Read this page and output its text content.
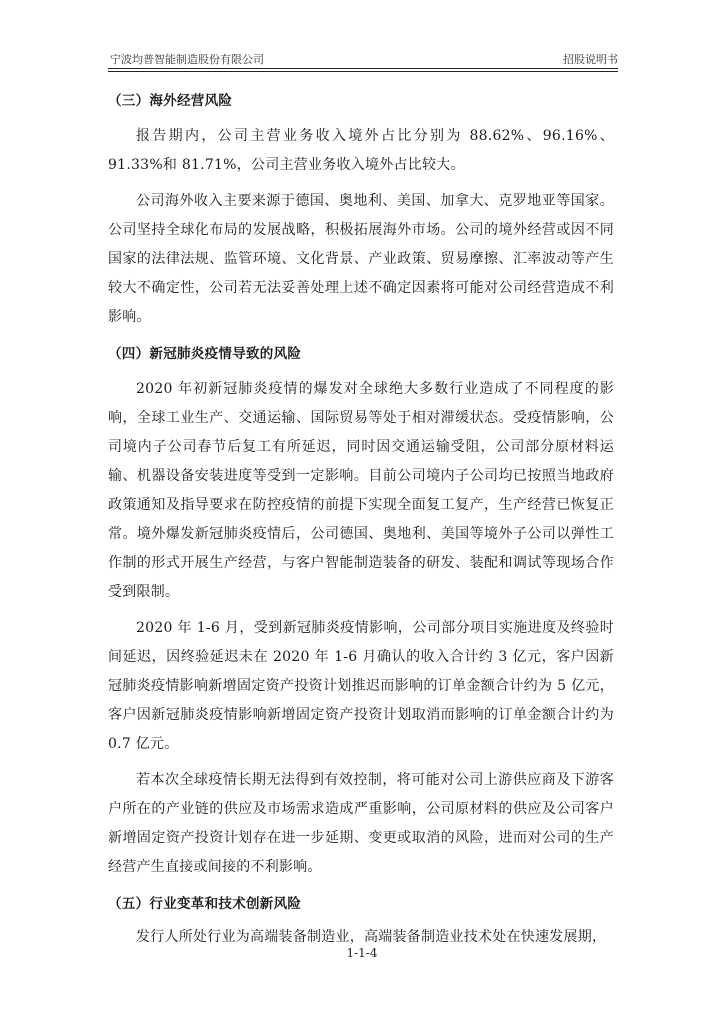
宁波均普智能制造股份有限公司	招股说明书
（三）海外经营风险

报告期内，公司主营业务收入境外占比分别为 88.62%、96.16%、91.33%和 81.71%，公司主营业务收入境外占比较大。

公司海外收入主要来源于德国、奥地利、美国、加拿大、克罗地亚等国家。公司坚持全球化布局的发展战略，积极拓展海外市场。公司的境外经营或因不同国家的法律法规、监管环境、文化背景、产业政策、贸易摩擦、汇率波动等产生较大不确定性，公司若无法妥善处理上述不确定因素将可能对公司经营造成不利影响。

（四）新冠肺炎疫情导致的风险

2020 年初新冠肺炎疫情的爆发对全球绝大多数行业造成了不同程度的影响，全球工业生产、交通运输、国际贸易等处于相对滞缓状态。受疫情影响，公司境内子公司春节后复工有所延迟，同时因交通运输受阻，公司部分原材料运输、机器设备安装进度等受到一定影响。目前公司境内子公司均已按照当地政府政策通知及指导要求在防控疫情的前提下实现全面复工复产，生产经营已恢复正常。境外爆发新冠肺炎疫情后，公司德国、奥地利、美国等境外子公司以弹性工作制的形式开展生产经营，与客户智能制造装备的研发、装配和调试等现场合作受到限制。

2020 年 1-6 月，受到新冠肺炎疫情影响，公司部分项目实施进度及终验时间延迟，因终验延迟未在 2020 年 1-6 月确认的收入合计约 3 亿元，客户因新冠肺炎疫情影响新增固定资产投资计划推迟而影响的订单金额合计约为 5 亿元，客户因新冠肺炎疫情影响新增固定资产投资计划取消而影响的订单金额合计约为 0.7 亿元。

若本次全球疫情长期无法得到有效控制，将可能对公司上游供应商及下游客户所在的产业链的供应及市场需求造成严重影响，公司原材料的供应及公司客户新增固定资产投资计划存在进一步延期、变更或取消的风险，进而对公司的生产经营产生直接或间接的不利影响。

（五）行业变革和技术创新风险

发行人所处行业为高端装备制造业，高端装备制造业技术处在快速发展期，

1-1-4
